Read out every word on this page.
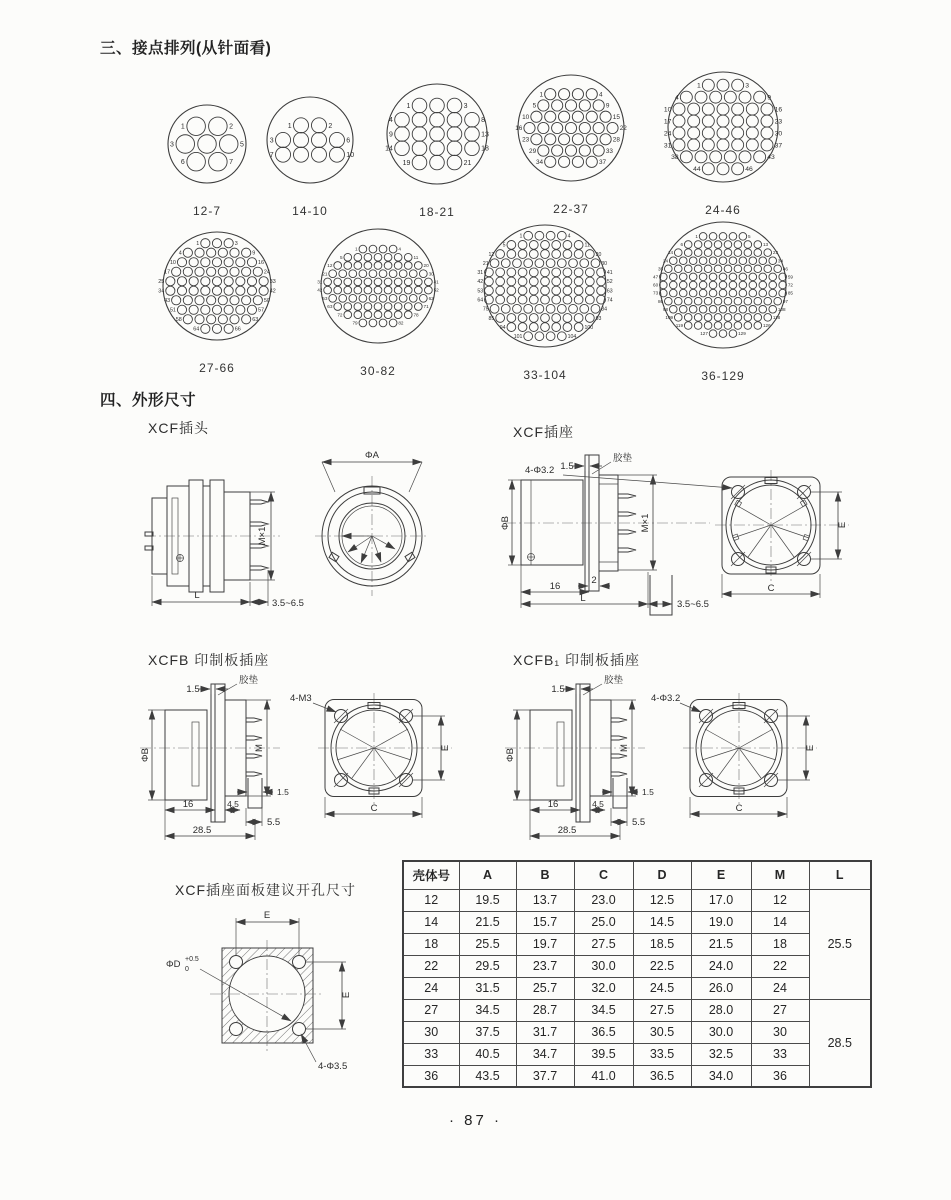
三、接点排列(从针面看)
1	2
3	5
6	7
12-7
1	2
3	6
7	10
14-10
1	3
4	8
9	13
14	18
19	21
18-21
1	4
5	9
10	15
16	22
23	28
29	33
34	37
22-37
1	3
4	9
10	16
17	23
24	30
31	37
38	43
44	46
24-46
1	3
4	9
10	16
17	24
25	33
34	42
43	50
51	57
58	63
64	66
27-66
1	4
5	11
12	20
21	30
31	41
42	52
53	62
63	71
72	78
79	82
30-82
1	4
5	11
12	20
21	30
31	41
42	52
53	63
64	74
75	84
85	93
94	100
101	104
33-104
1	5
6	13
14	23
24	34
35	46
47	59
60	72
73	85
86	97
98	108
109	118
119	126
127	129
36-129
四、外形尺寸
XCF插头
M×1
L
3.5~6.5
ΦA
XCF插座
1.5
胶垫
ΦB	M×1
2
16
L
3.5~6.5
4-Φ3.2
E
C
XCFB 印制板插座
1.5
胶垫
ΦB
M
16	4.5
1.5
5.5
28.5
4-M3
E
C
XCFB₁ 印制板插座
1.5
胶垫
ΦB
M
16	4.5
1.5
5.5
28.5
4-Φ3.2
E
C
XCF插座面板建议开孔尺寸
E
E
ΦD +0.5
0
4-Φ3.5
壳体号	A	B	C	D	E	M	L
12	19.5	13.7	23.0	12.5	17.0	12	25.5
14	21.5	15.7	25.0	14.5	19.0	14	
18	25.5	19.7	27.5	18.5	21.5	18	
22	29.5	23.7	30.0	22.5	24.0	22	
24	31.5	25.7	32.0	24.5	26.0	24	
27	34.5	28.7	34.5	27.5	28.0	27	28.5
30	37.5	31.7	36.5	30.5	30.0	30	
33	40.5	34.7	39.5	33.5	32.5	33	
36	43.5	37.7	41.0	36.5	34.0	36	
· 87 ·
